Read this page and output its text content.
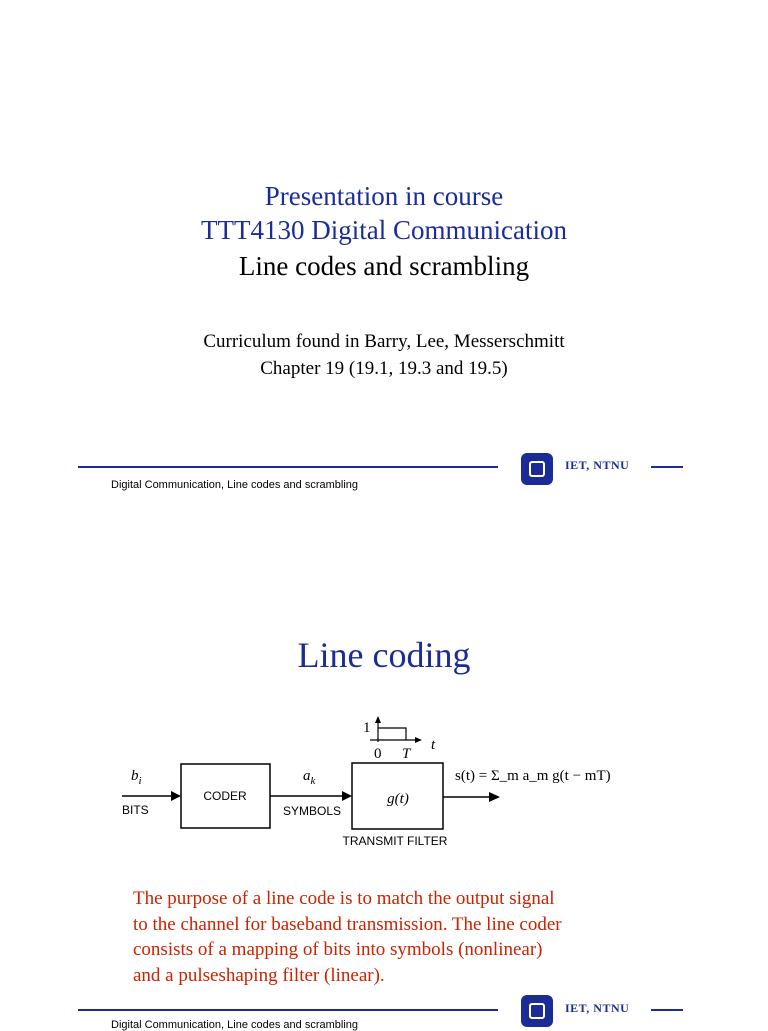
Presentation in course
TTT4130 Digital Communication
Line codes and scrambling
Curriculum found in Barry, Lee, Messerschmitt
Chapter 19 (19.1, 19.3 and 19.5)
IET, NTNU
Digital Communication, Line codes and scrambling
Line coding
$b_i$
BITS
CODER
$a_k$
SYMBOLS
1
0 T
t
g(t)
TRANSMIT FILTER
s(t) = Σ_m a_m g(t − mT)
The purpose of a line code is to match the output signal
to the channel for baseband transmission. The line coder
consists of a mapping of bits into symbols (nonlinear)
and a pulseshaping filter (linear).
IET, NTNU
Digital Communication, Line codes and scrambling
